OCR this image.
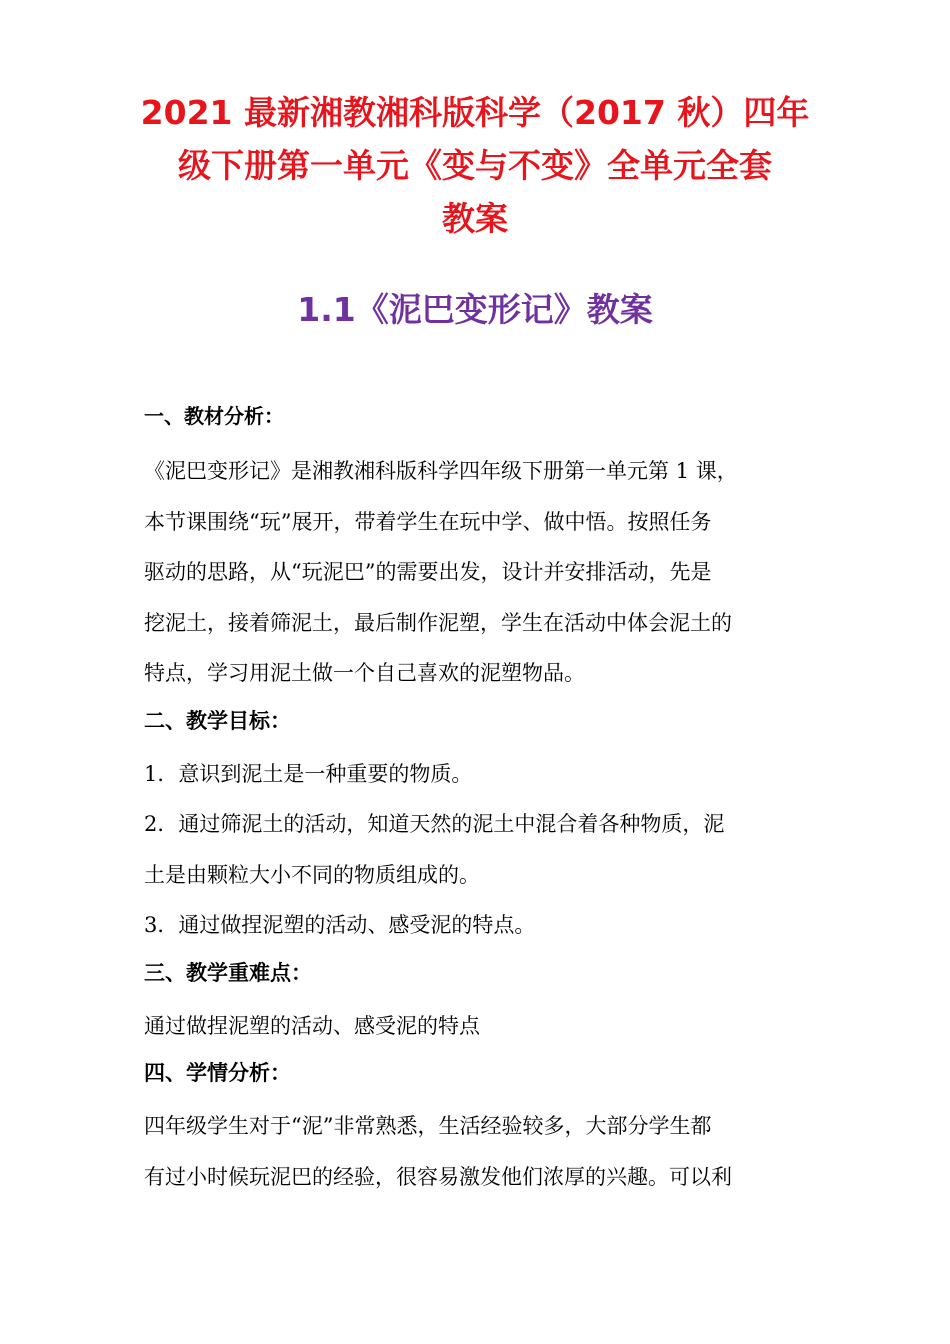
2021 最新湘教湘科版科学（2017 秋）四年
级下册第一单元《变与不变》全单元全套
教案
1.1《泥巴变形记》教案
一、教材分析：

《泥巴变形记》是湘教湘科版科学四年级下册第一单元第 1 课，
本节课围绕“玩”展开，带着学生在玩中学、做中悟。按照任务
驱动的思路，从“玩泥巴”的需要出发，设计并安排活动，先是
挖泥土，接着筛泥土，最后制作泥塑，学生在活动中体会泥土的
特点，学习用泥土做一个自己喜欢的泥塑物品。

二、教学目标：

1．意识到泥土是一种重要的物质。

2．通过筛泥土的活动，知道天然的泥土中混合着各种物质，泥
土是由颗粒大小不同的物质组成的。

3．通过做捏泥塑的活动、感受泥的特点。

三、教学重难点：

通过做捏泥塑的活动、感受泥的特点

四、学情分析：

四年级学生对于“泥”非常熟悉，生活经验较多，大部分学生都
有过小时候玩泥巴的经验，很容易激发他们浓厚的兴趣。可以利
